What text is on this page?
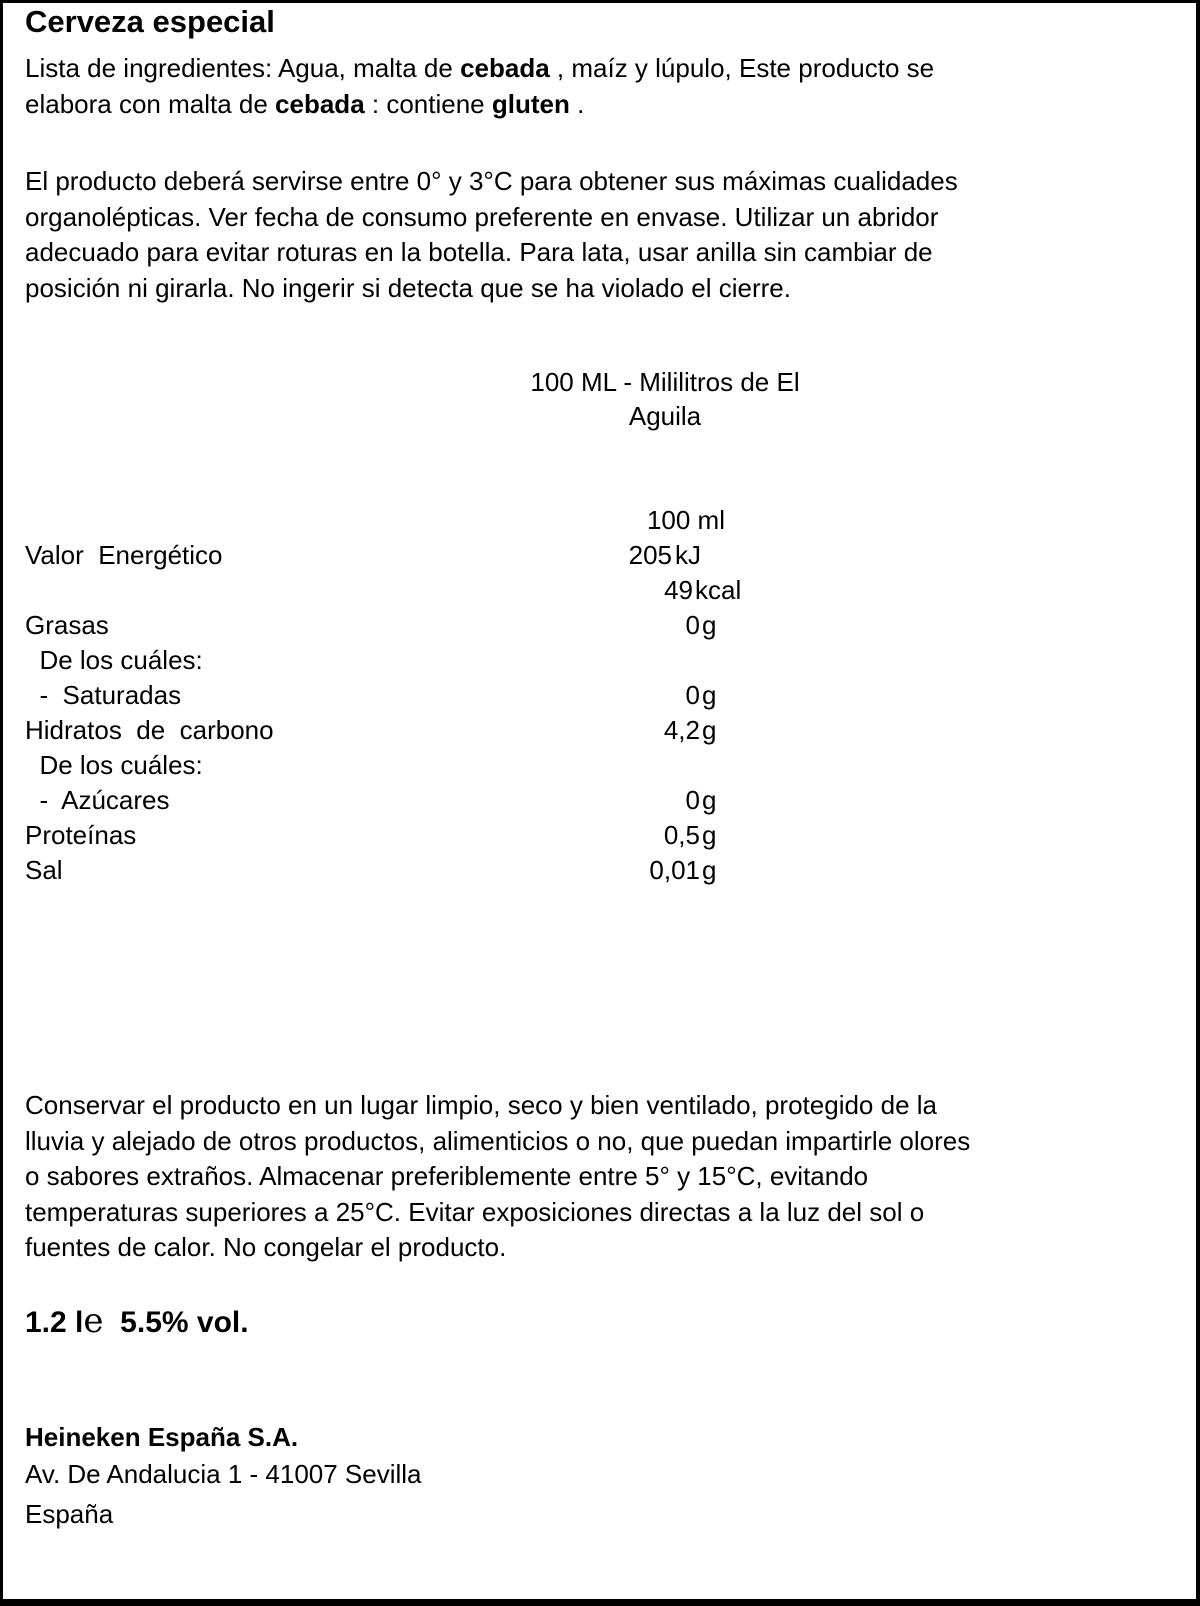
Cerveza especial
Lista de ingredientes: Agua, malta de cebada , maíz y lúpulo, Este producto se
elabora con malta de cebada : contiene gluten .
El producto deberá servirse entre 0° y 3°C para obtener sus máximas cualidades
organolépticas. Ver fecha de consumo preferente en envase. Utilizar un abridor
adecuado para evitar roturas en la botella. Para lata, usar anilla sin cambiar de
posición ni girarla. No ingerir si detecta que se ha violado el cierre.
100 ML - Mililitros de El
Aguila
100 ml
Valor  Energético	205 kJ
49 kcal
Grasas	0 g
De los cuáles:
-  Saturadas	0 g
Hidratos  de  carbono	4,2 g
De los cuáles:
-  Azúcares	0 g
Proteínas	0,5 g
Sal	0,01 g
Conservar el producto en un lugar limpio, seco y bien ventilado, protegido de la
lluvia y alejado de otros productos, alimenticios o no, que puedan impartirle olores
o sabores extraños. Almacenar preferiblemente entre 5° y 15°C, evitando
temperaturas superiores a 25°C. Evitar exposiciones directas a la luz del sol o
fuentes de calor. No congelar el producto.
1.2 le 5.5% vol.
Heineken España S.A.
Av. De Andalucia 1 - 41007 Sevilla
España
